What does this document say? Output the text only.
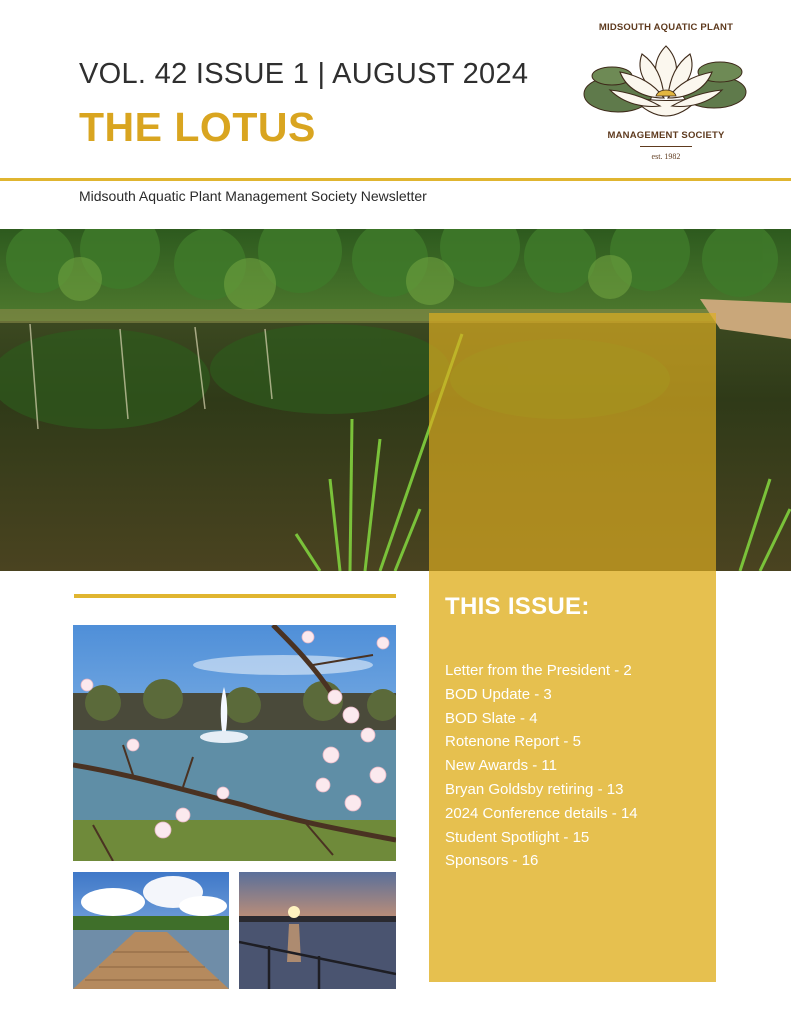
VOL. 42 ISSUE 1 | AUGUST 2024
THE LOTUS
MIDSOUTH AQUATIC PLANT
MANAGEMENT SOCIETY
est. 1982
Midsouth Aquatic Plant Management Society Newsletter
THIS ISSUE:
Letter from the President - 2
BOD Update - 3
BOD Slate - 4
Rotenone Report - 5
New Awards - 11
Bryan Goldsby retiring - 13
2024 Conference details - 14
Student Spotlight - 15
Sponsors - 16
